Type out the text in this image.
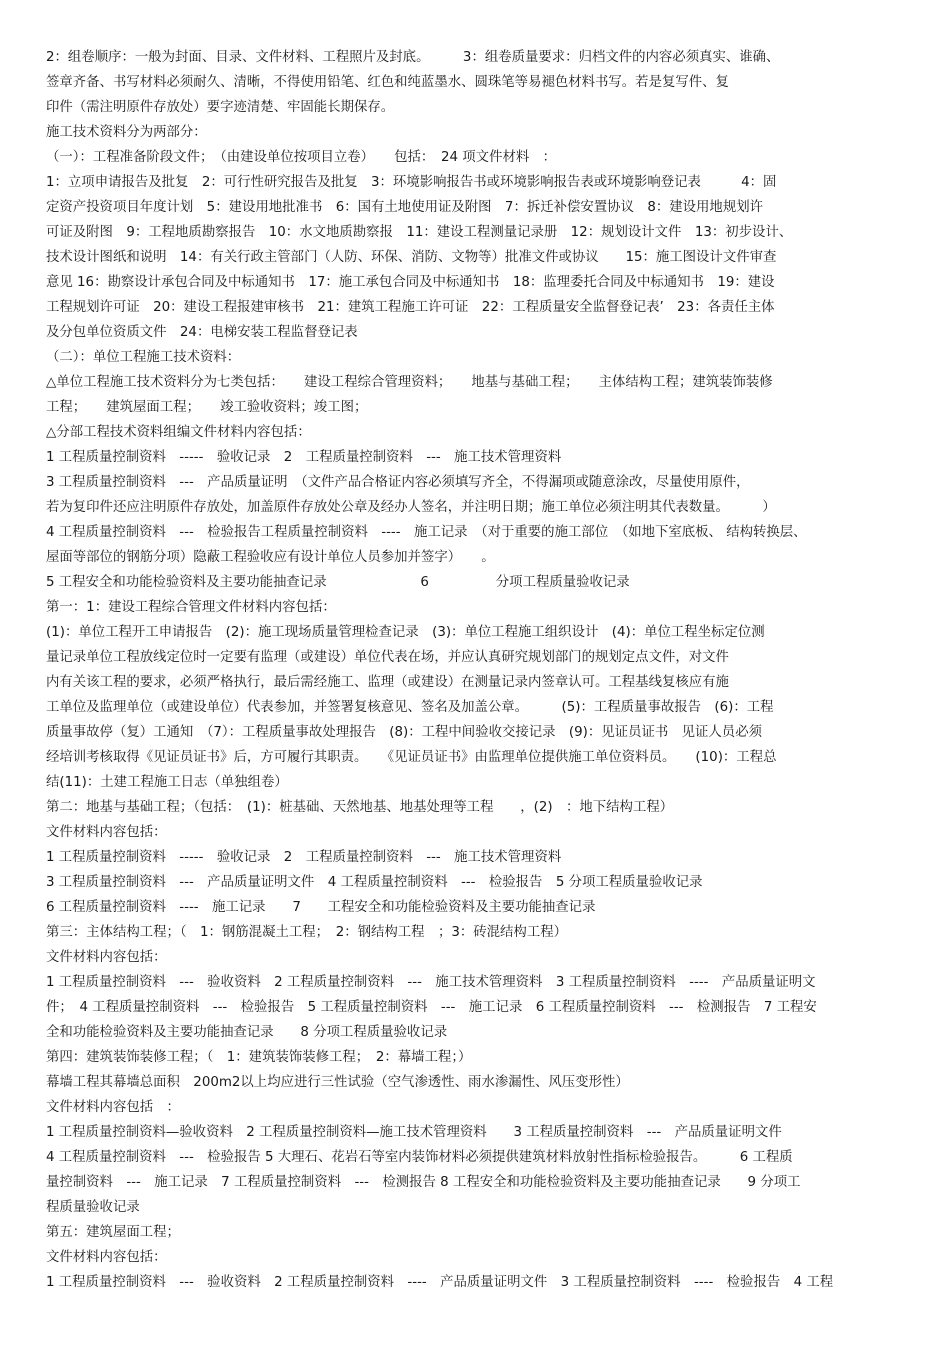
2：组卷顺序：一般为封面、目录、文件材料、工程照片及封底。　　　3：组卷质量要求：归档文件的内容必须真实、谁确、
签章齐备、书写材料必须耐久、清晰，不得使用铅笔、红色和纯蓝墨水、圆珠笔等易褪色材料书写。若是复写件、复
印件（需注明原件存放处）要字迹清楚、牢固能长期保存。
施工技术资料分为两部分：
（一）：工程准备阶段文件；　（由建设单位按项目立卷）　　包括：　24 项文件材料　：
1：立项申请报告及批复　2：可行性研究报告及批复　3：环境影响报告书或环境影响报告表或环境影响登记表　　　4：固
定资产投资项目年度计划　5：建设用地批准书　6：国有土地使用证及附图　7：拆迁补偿安置协议　8：建设用地规划许
可证及附图　9：工程地质勘察报告　10：水文地质勘察报　11：建设工程测量记录册　12：规划设计文件　13：初步设计、
技术设计图纸和说明　14：有关行政主管部门（人防、环保、消防、文物等）批准文件或协议　　15：施工图设计文件审查
意见 16：勘察设计承包合同及中标通知书　17：施工承包合同及中标通知书　18：监理委托合同及中标通知书　19：建设
工程规划许可证　20：建设工程报建审核书　21：建筑工程施工许可证　22：工程质量安全监督登记表’　23：各责任主体
及分包单位资质文件　24：电梯安装工程监督登记表
（二）：单位工程施工技术资料：
△单位工程施工技术资料分为七类包括：　　建设工程综合管理资料；　　地基与基础工程；　　主体结构工程；建筑装饰装修
工程；　　建筑屋面工程；　　竣工验收资料；竣工图；
△分部工程技术资料组编文件材料内容包括：
1 工程质量控制资料　-----　验收记录　2　工程质量控制资料　---　施工技术管理资料
3 工程质量控制资料　---　产品质量证明　（文件产品合格证内容必须填写齐全，不得漏项或随意涂改，尽量使用原件，
若为复印件还应注明原件存放处，加盖原件存放处公章及经办人签名，并注明日期；施工单位必须注明其代表数量。　　　）
4 工程质量控制资料　---　检验报告工程质量控制资料　----　施工记录　（对于重要的施工部位　（如地下室底板、 结构转换层、
屋面等部位的钢筋分项）隐蔽工程验收应有设计单位人员参加并签字）　　。
5 工程安全和功能检验资料及主要功能抽查记录　　　　　　　6　　　　　分项工程质量验收记录
第一：1：建设工程综合管理文件材料内容包括：
(1)：单位工程开工申请报告　(2)：施工现场质量管理检查记录　(3)：单位工程施工组织设计　(4)：单位工程坐标定位测
量记录单位工程放线定位时一定要有监理（或建设）单位代表在场，并应认真研究规划部门的规划定点文件，对文件
内有关该工程的要求，必须严格执行，最后需经施工、监理（或建设）在测量记录内签章认可。工程基线复核应有施
工单位及监理单位（或建设单位）代表参加，并签署复核意见、签名及加盖公章。　　　(5)：工程质量事故报告　(6)：工程
质量事故停（复）工通知　（7）：工程质量事故处理报告　(8)：工程中间验收交接记录　(9)：见证员证书　见证人员必须
经培训考核取得《见证员证书》后，方可履行其职责。　　《见证员证书》由监理单位提供施工单位资料员。　　(10)：工程总
结(11)：土建工程施工日志（单独组卷）
第二：地基与基础工程；（包括：　(1)：桩基础、天然地基、地基处理等工程　　，(2)　：地下结构工程）
文件材料内容包括：
1 工程质量控制资料　-----　验收记录　2　工程质量控制资料　---　施工技术管理资料
3 工程质量控制资料　---　产品质量证明文件　4 工程质量控制资料　---　检验报告　5 分项工程质量验收记录
6 工程质量控制资料　----　施工记录　　7　　工程安全和功能检验资料及主要功能抽查记录
第三：主体结构工程；（　1：钢筋混凝土工程；　2：钢结构工程　；3：砖混结构工程）
文件材料内容包括：
1 工程质量控制资料　---　验收资料　2 工程质量控制资料　---　施工技术管理资料　3 工程质量控制资料　----　产品质量证明文
件；　4 工程质量控制资料　---　检验报告　5 工程质量控制资料　---　施工记录　6 工程质量控制资料　---　检测报告　7 工程安
全和功能检验资料及主要功能抽查记录　　8 分项工程质量验收记录
第四：建筑装饰装修工程；（　1：建筑装饰装修工程；　2：幕墙工程；）
幕墙工程其幕墙总面积　200m2以上均应进行三性试验（空气渗透性、雨水渗漏性、风压变形性）
文件材料内容包括　：
1 工程质量控制资料—验收资料　2 工程质量控制资料—施工技术管理资料　　3 工程质量控制资料　---　产品质量证明文件
4 工程质量控制资料　---　检验报告 5 大理石、花岩石等室内装饰材料必须提供建筑材料放射性指标检验报告。　　　6 工程质
量控制资料　---　施工记录　7 工程质量控制资料　---　检测报告 8 工程安全和功能检验资料及主要功能抽查记录　　9 分项工
程质量验收记录
第五：建筑屋面工程；
文件材料内容包括：
1 工程质量控制资料　---　验收资料　2 工程质量控制资料　----　产品质量证明文件　3 工程质量控制资料　----　检验报告　4 工程
